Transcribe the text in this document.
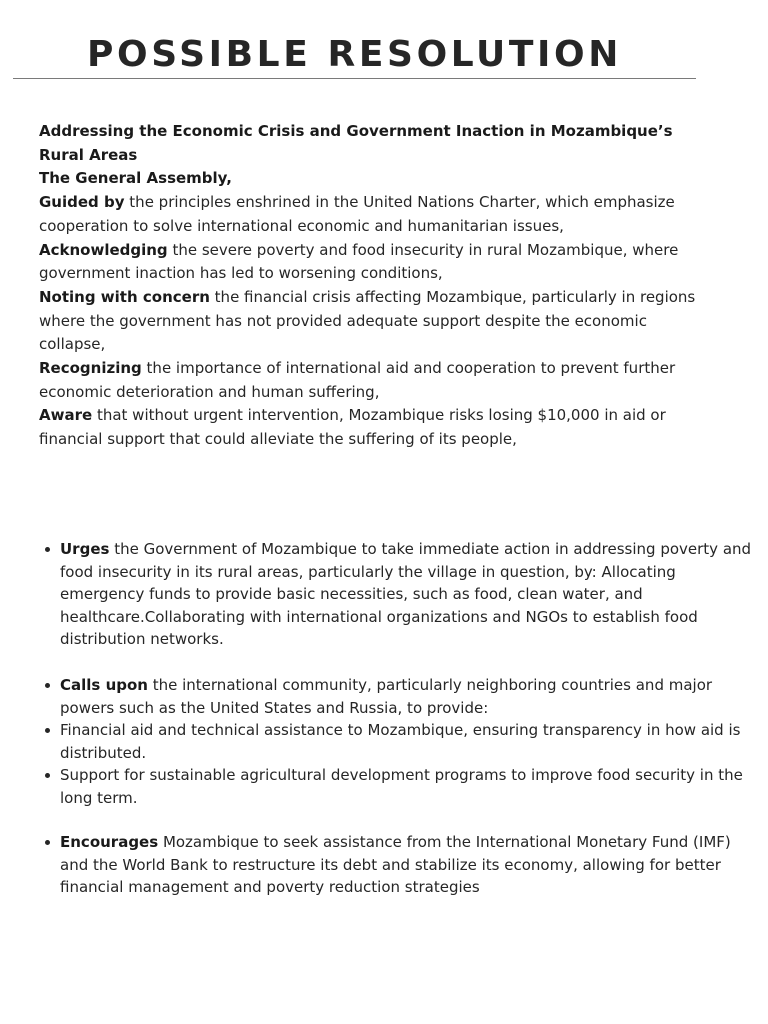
POSSIBLE RESOLUTION

Addressing the Economic Crisis and Government Inaction in Mozambique’s Rural Areas

The General Assembly,

Guided by the principles enshrined in the United Nations Charter, which emphasize cooperation to solve international economic and humanitarian issues,

Acknowledging the severe poverty and food insecurity in rural Mozambique, where government inaction has led to worsening conditions,

Noting with concern the financial crisis affecting Mozambique, particularly in regions where the government has not provided adequate support despite the economic collapse,

Recognizing the importance of international aid and cooperation to prevent further economic deterioration and human suffering,

Aware that without urgent intervention, Mozambique risks losing $10,000 in aid or financial support that could alleviate the suffering of its people,

Urges the Government of Mozambique to take immediate action in addressing poverty and food insecurity in its rural areas, particularly the village in question, by: Allocating emergency funds to provide basic necessities, such as food, clean water, and healthcare.Collaborating with international organizations and NGOs to establish food distribution networks.
Calls upon the international community, particularly neighboring countries and major powers such as the United States and Russia, to provide:
Financial aid and technical assistance to Mozambique, ensuring transparency in how aid is distributed.
Support for sustainable agricultural development programs to improve food security in the long term.
Encourages Mozambique to seek assistance from the International Monetary Fund (IMF) and the World Bank to restructure its debt and stabilize its economy, allowing for better financial management and poverty reduction strategies
